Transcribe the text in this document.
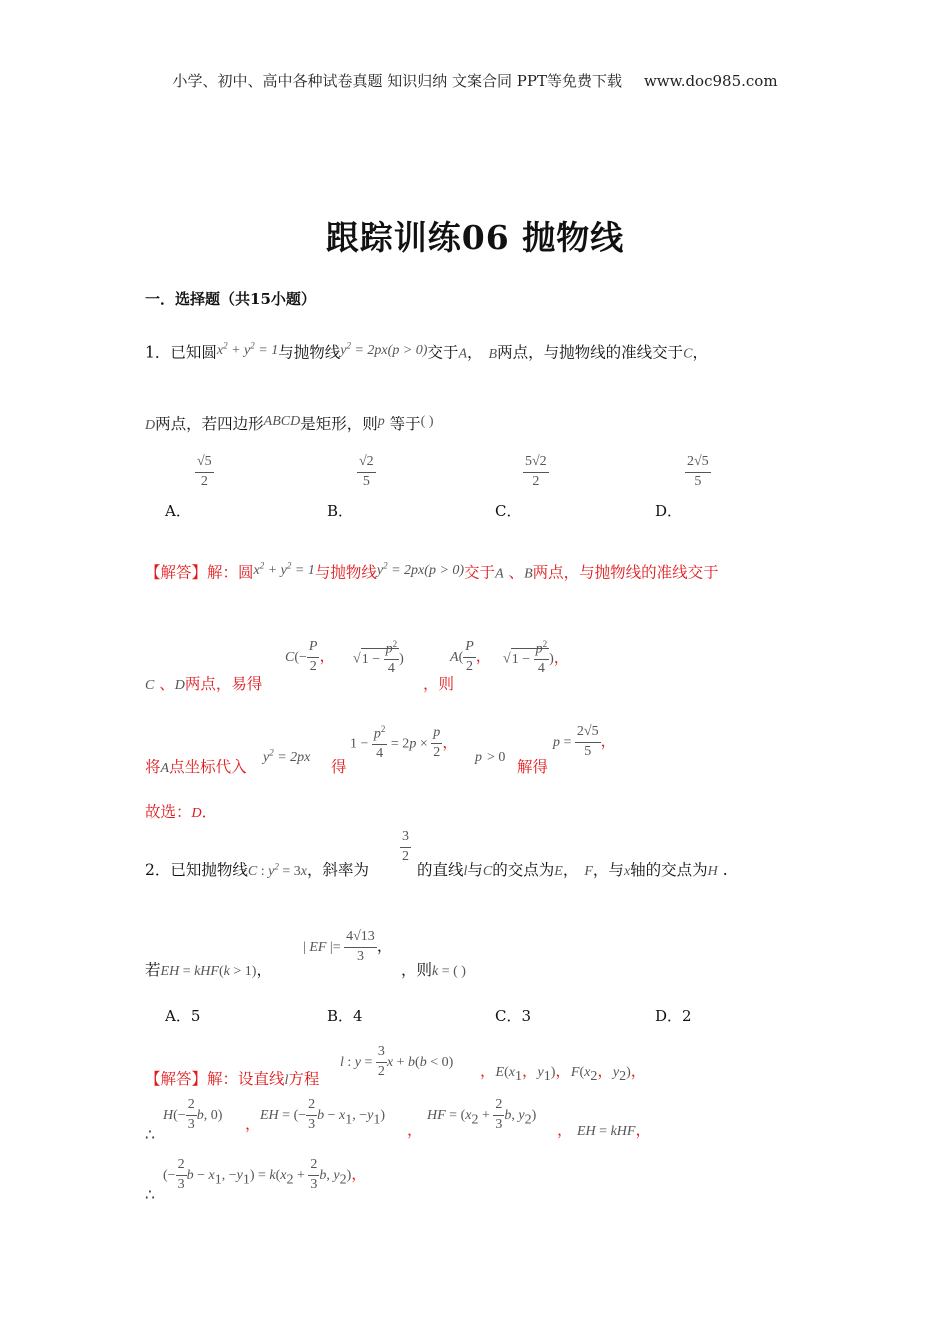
小学、初中、高中各种试卷真题 知识归纳 文案合同 PPT等免费下载 www.doc985.com
跟踪训练06 抛物线
一．选择题（共15小题）
1．已知圆$x^2 + y^2 = 1$与抛物线$y^2 = 2px(p > 0)$交于A， B两点，与抛物线的准线交于C，
D两点，若四边形ABCD是矩形，则p 等于( )
$\frac{√5}{2}$
A．
$\frac{√2}{5}$
B．
$\frac{5√2}{2}$
C．
$\frac{2√5}{5}$
D．
【解答】解：圆$x^2 + y^2 = 1$与抛物线$y^2 = 2px(p > 0)$交于A 、B两点，与抛物线的准线交于
C 、D两点，易得
$C(- \frac{P}{2}$ ， $√1 - \frac{p^2}{4}$ )
，则
$A( \frac{P}{2}$ ， $√1 - \frac{p^2}{4}$ )，
将A点坐标代入
$y^2 = 2px$
得
$1 - \frac{p^2}{4} = 2p \times \frac{p}{2}$ ，
p > 0
解得
$p = \frac{2√5}{5}$ ，
故选：D．
2．已知抛物线C : $y^2 = 3x$，斜率为
$\frac{3}{2}$
的直线l与C的交点为E， F，与x轴的交点为H .
若EH = kHF(k > 1)，
| EF |= $\frac{4√13}{3}$ ，
，则k = ( )
A．5	B．4	C．3	D．2
【解答】解：设直线l方程
l : $y = \frac{3}{2}$ x + b(b < 0) ，$E(x_1$，$y_1$)，$F(x_2$，$y_2$)，
∴
$H(- \frac{2}{3} b$, 0) ， EH = (− $\frac{2}{3}$ $b - x_1$, $-y_1$)
，
HF = ($x_2 + \frac{2}{3} b$, $y_2$)
， EH = kHF，
∴
(− $\frac{2}{3}$ $b - x_1$, $-y_1) = k(x_2 + \frac{2}{3} b$, $y_2$)，
